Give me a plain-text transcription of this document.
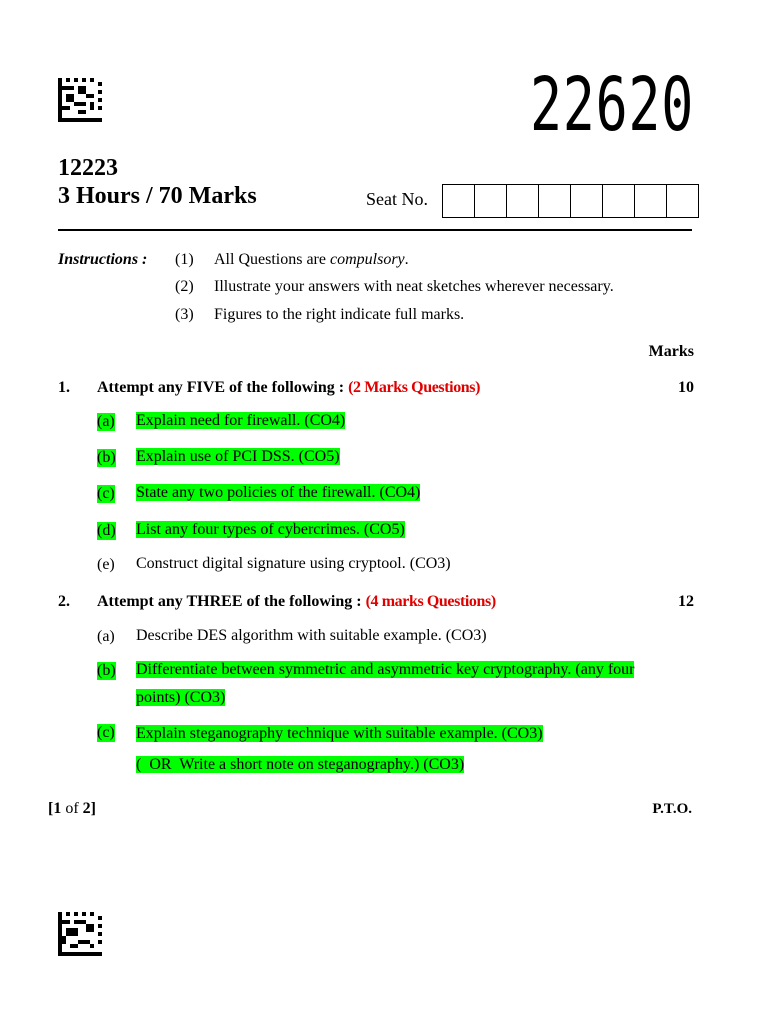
22620
12223
3 Hours / 70 Marks	Seat No.
Instructions : (1) All Questions are compulsory.
(2) Illustrate your answers with neat sketches wherever necessary.
(3) Figures to the right indicate full marks.
Marks
1. Attempt any FIVE of the following : (2 Marks Questions)	10
(a) Explain need for firewall. (CO4)
(b) Explain use of PCI DSS. (CO5)
(c) State any two policies of the firewall. (CO4)
(d) List any four types of cybercrimes. (CO5)
(e) Construct digital signature using cryptool. (CO3)
2. Attempt any THREE of the following : (4 marks Questions)	12
(a) Describe DES algorithm with suitable example. (CO3)
(b) Differentiate between symmetric and asymmetric key cryptography. (any four
points) (CO3)
(c) Explain steganography technique with suitable example. (CO3)
(  OR  Write a short note on steganography.) (CO3)
[1 of 2]	P.T.O.
